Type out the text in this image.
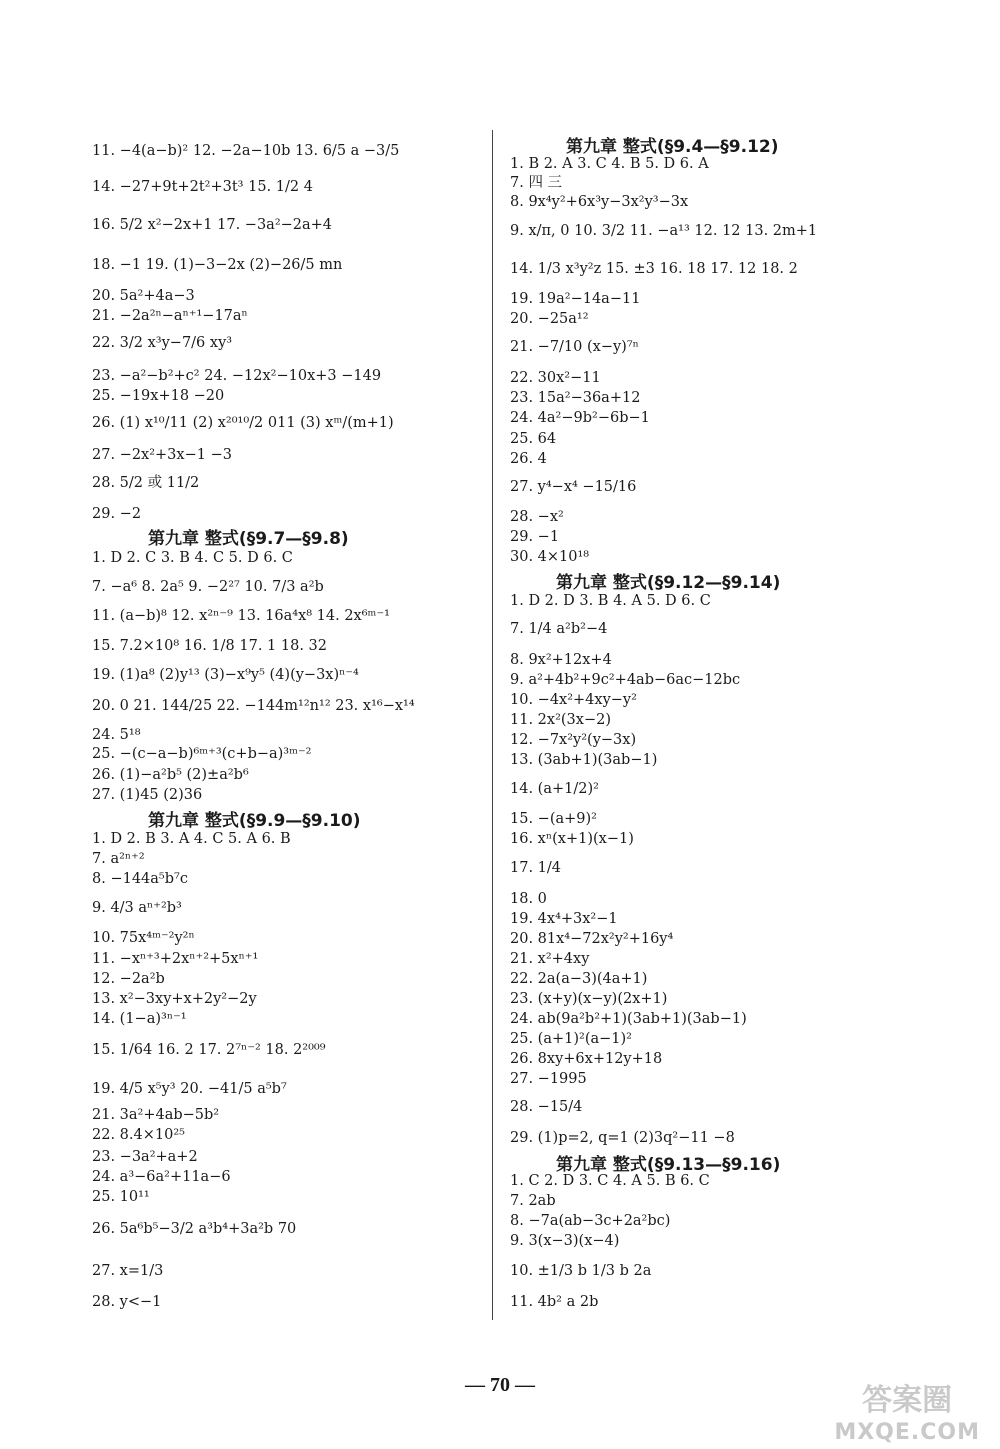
11. −4(a−b)² 12. −2a−10b 13. 6/5 a −3/5
14. −27+9t+2t²+3t³ 15. 1/2 4
16. 5/2 x²−2x+1 17. −3a²−2a+4
18. −1 19. (1)−3−2x (2)−26/5 mn
20. 5a²+4a−3
21. −2a²ⁿ−aⁿ⁺¹−17aⁿ
22. 3/2 x³y−7/6 xy³
23. −a²−b²+c² 24. −12x²−10x+3 −149
25. −19x+18 −20
26. (1) x¹⁰/11 (2) x²⁰¹⁰/2 011 (3) xᵐ/(m+1)
27. −2x²+3x−1 −3
28. 5/2 或 11/2
29. −2
第九章 整式(§9.7—§9.8)
1. D 2. C 3. B 4. C 5. D 6. C
7. −a⁶ 8. 2a⁵ 9. −2²⁷ 10. 7/3 a²b
11. (a−b)⁸ 12. x²ⁿ⁻⁹ 13. 16a⁴x⁸ 14. 2x⁶ᵐ⁻¹
15. 7.2×10⁸ 16. 1/8 17. 1 18. 32
19. (1)a⁸ (2)y¹³ (3)−x⁹y⁵ (4)(y−3x)ⁿ⁻⁴
20. 0 21. 144/25 22. −144m¹²n¹² 23. x¹⁶−x¹⁴
24. 5¹⁸
25. −(c−a−b)⁶ᵐ⁺³(c+b−a)³ᵐ⁻²
26. (1)−a²b⁵ (2)±a²b⁶
27. (1)45 (2)36
第九章 整式(§9.9—§9.10)
1. D 2. B 3. A 4. C 5. A 6. B
7. a²ⁿ⁺²
8. −144a⁵b⁷c
9. 4/3 aⁿ⁺²b³
10. 75x⁴ᵐ⁻²y²ⁿ
11. −xⁿ⁺³+2xⁿ⁺²+5xⁿ⁺¹
12. −2a²b
13. x²−3xy+x+2y²−2y
14. (1−a)³ⁿ⁻¹
15. 1/64 16. 2 17. 2⁷ⁿ⁻² 18. 2²⁰⁰⁹
19. 4/5 x⁵y³ 20. −41/5 a⁵b⁷
21. 3a²+4ab−5b²
22. 8.4×10²⁵
23. −3a²+a+2
24. a³−6a²+11a−6
25. 10¹¹
26. 5a⁶b⁵−3/2 a³b⁴+3a²b 70
27. x=1/3
28. y<−1
第九章 整式(§9.4—§9.12)
1. B 2. A 3. C 4. B 5. D 6. A
7. 四 三
8. 9x⁴y²+6x³y−3x²y³−3x
9. x/π, 0 10. 3/2 11. −a¹³ 12. 12 13. 2m+1
14. 1/3 x³y²z 15. ±3 16. 18 17. 12 18. 2
19. 19a²−14a−11
20. −25a¹²
21. −7/10 (x−y)⁷ⁿ
22. 30x²−11
23. 15a²−36a+12
24. 4a²−9b²−6b−1
25. 64
26. 4
27. y⁴−x⁴ −15/16
28. −x²
29. −1
30. 4×10¹⁸
第九章 整式(§9.12—§9.14)
1. D 2. D 3. B 4. A 5. D 6. C
7. 1/4 a²b²−4
8. 9x²+12x+4
9. a²+4b²+9c²+4ab−6ac−12bc
10. −4x²+4xy−y²
11. 2x²(3x−2)
12. −7x²y²(y−3x)
13. (3ab+1)(3ab−1)
14. (a+1/2)²
15. −(a+9)²
16. xⁿ(x+1)(x−1)
17. 1/4
18. 0
19. 4x⁴+3x²−1
20. 81x⁴−72x²y²+16y⁴
21. x²+4xy
22. 2a(a−3)(4a+1)
23. (x+y)(x−y)(2x+1)
24. ab(9a²b²+1)(3ab+1)(3ab−1)
25. (a+1)²(a−1)²
26. 8xy+6x+12y+18
27. −1995
28. −15/4
29. (1)p=2, q=1 (2)3q²−11 −8
第九章 整式(§9.13—§9.16)
1. C 2. D 3. C 4. A 5. B 6. C
7. 2ab
8. −7a(ab−3c+2a²bc)
9. 3(x−3)(x−4)
10. ±1/3 b 1/3 b 2a
11. 4b² a 2b
— 70 —	答案圈
MXQE.COM
